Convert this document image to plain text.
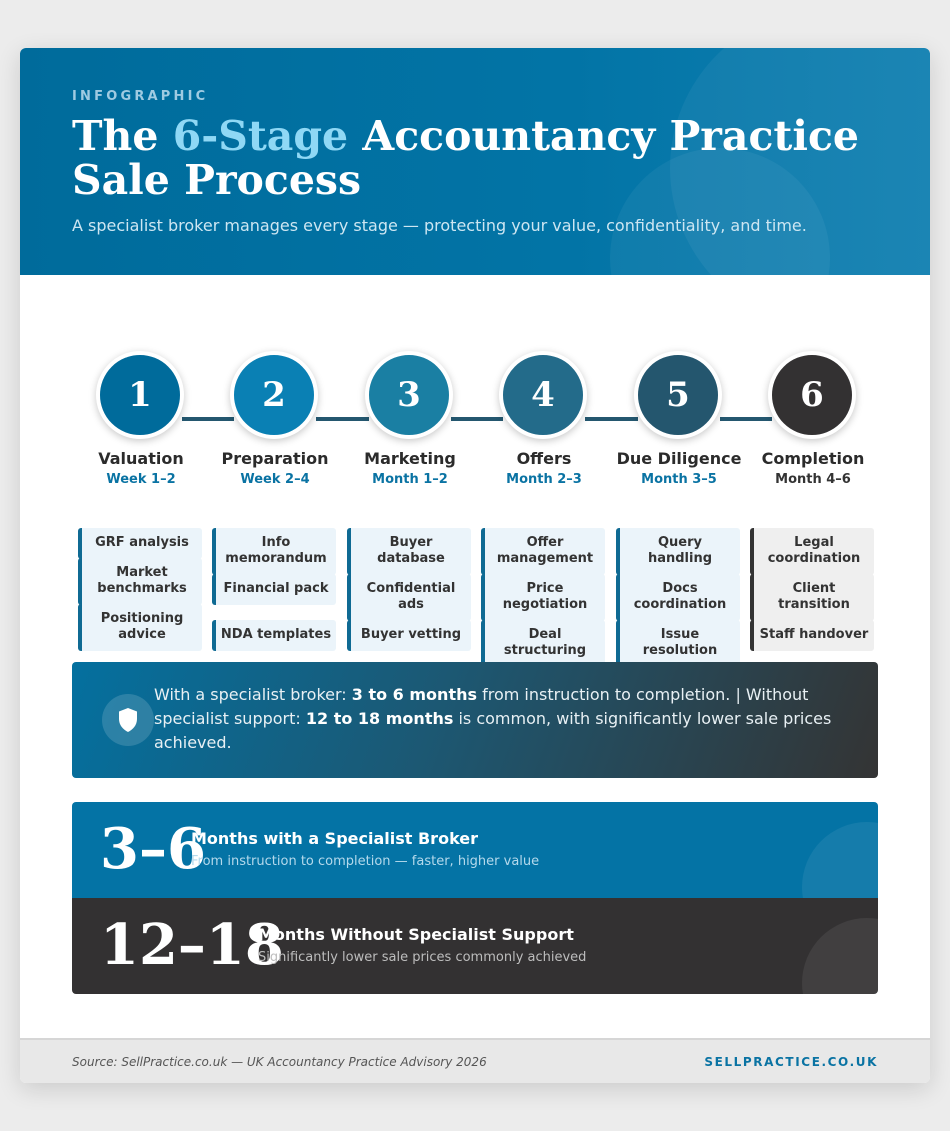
INFOGRAPHIC
The 6-Stage Accountancy Practice Sale Process
A specialist broker manages every stage — protecting your value, confidentiality, and time.
1
Valuation
Week 1–2
GRF analysis
Market benchmarks
Positioning advice
2
Preparation
Week 2–4
Info memorandum
Financial pack
NDA templates
3
Marketing
Month 1–2
Buyer database
Confidential ads
Buyer vetting
4
Offers
Month 2–3
Offer management
Price negotiation
Deal structuring
5
Due Diligence
Month 3–5
Query handling
Docs coordination
Issue resolution
6
Completion
Month 4–6
Legal coordination
Client transition
Staff handover
With a specialist broker: 3 to 6 months from instruction to completion. | Without specialist support: 12 to 18 months is common, with significantly lower sale prices achieved.
3–6
Months with a Specialist Broker
From instruction to completion — faster, higher value
12–18
Months Without Specialist Support
Significantly lower sale prices commonly achieved
Source: SellPractice.co.uk — UK Accountancy Practice Advisory 2026	SELLPRACTICE.CO.UK
